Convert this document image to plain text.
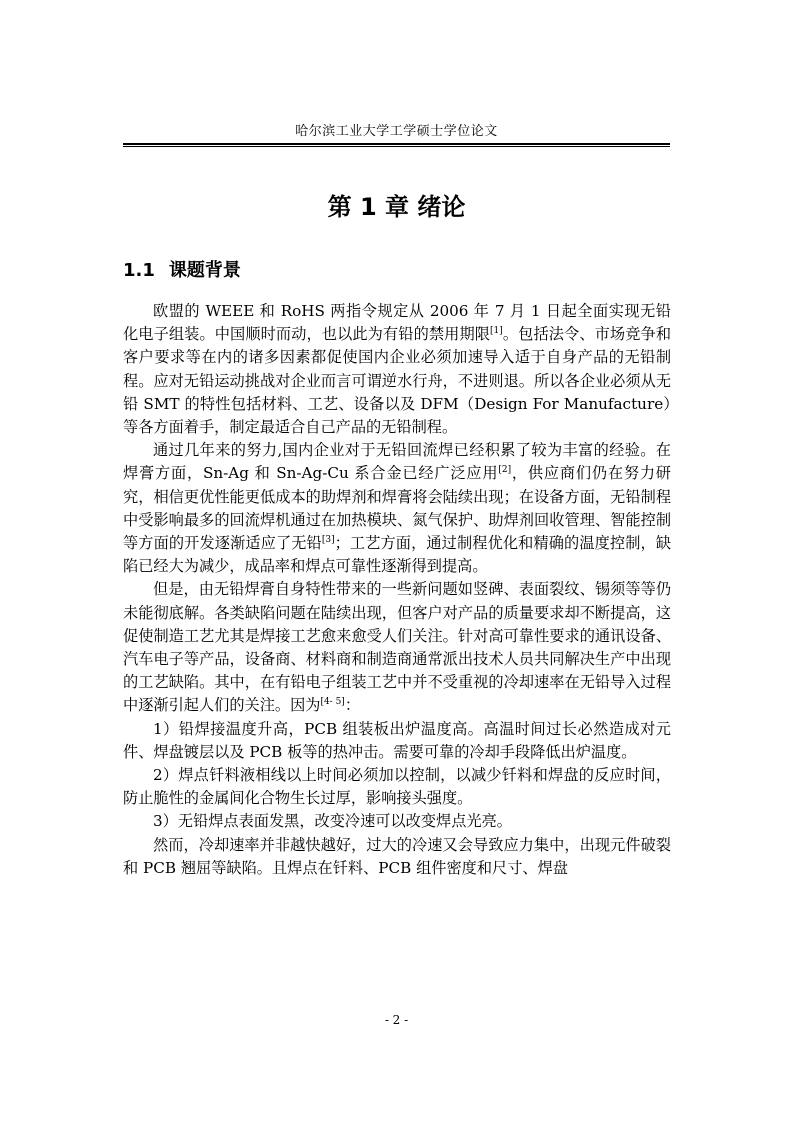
哈尔滨工业大学工学硕士学位论文
第 1 章 绪论
1.1 课题背景

欧盟的 WEEE 和 RoHS 两指令规定从 2006 年 7 月 1 日起全面实现无铅化电子组装。中国顺时而动，也以此为有铅的禁用期限[1]。包括法令、市场竞争和客户要求等在内的诸多因素都促使国内企业必须加速导入适于自身产品的无铅制程。应对无铅运动挑战对企业而言可谓逆水行舟，不进则退。所以各企业必须从无铅 SMT 的特性包括材料、工艺、设备以及 DFM（Design For Manufacture）等各方面着手，制定最适合自己产品的无铅制程。

通过几年来的努力,国内企业对于无铅回流焊已经积累了较为丰富的经验。在焊膏方面，Sn-Ag 和 Sn-Ag-Cu 系合金已经广泛应用[2]，供应商们仍在努力研究，相信更优性能更低成本的助焊剂和焊膏将会陆续出现；在设备方面，无铅制程中受影响最多的回流焊机通过在加热模块、氮气保护、助焊剂回收管理、智能控制等方面的开发逐渐适应了无铅[3]；工艺方面，通过制程优化和精确的温度控制，缺陷已经大为减少，成品率和焊点可靠性逐渐得到提高。

但是，由无铅焊膏自身特性带来的一些新问题如竖碑、表面裂纹、锡须等等仍未能彻底解。各类缺陷问题在陆续出现，但客户对产品的质量要求却不断提高，这促使制造工艺尤其是焊接工艺愈来愈受人们关注。针对高可靠性要求的通讯设备、汽车电子等产品，设备商、材料商和制造商通常派出技术人员共同解决生产中出现的工艺缺陷。其中，在有铅电子组装工艺中并不受重视的冷却速率在无铅导入过程中逐渐引起人们的关注。因为[4- 5]：

1）铅焊接温度升高，PCB 组装板出炉温度高。高温时间过长必然造成对元件、焊盘镀层以及 PCB 板等的热冲击。需要可靠的冷却手段降低出炉温度。

2）焊点钎料液相线以上时间必须加以控制，以减少钎料和焊盘的反应时间，防止脆性的金属间化合物生长过厚，影响接头强度。

3）无铅焊点表面发黑，改变冷速可以改变焊点光亮。

然而，冷却速率并非越快越好，过大的冷速又会导致应力集中，出现元件破裂和 PCB 翘屈等缺陷。且焊点在钎料、PCB 组件密度和尺寸、焊盘

- 2 -
